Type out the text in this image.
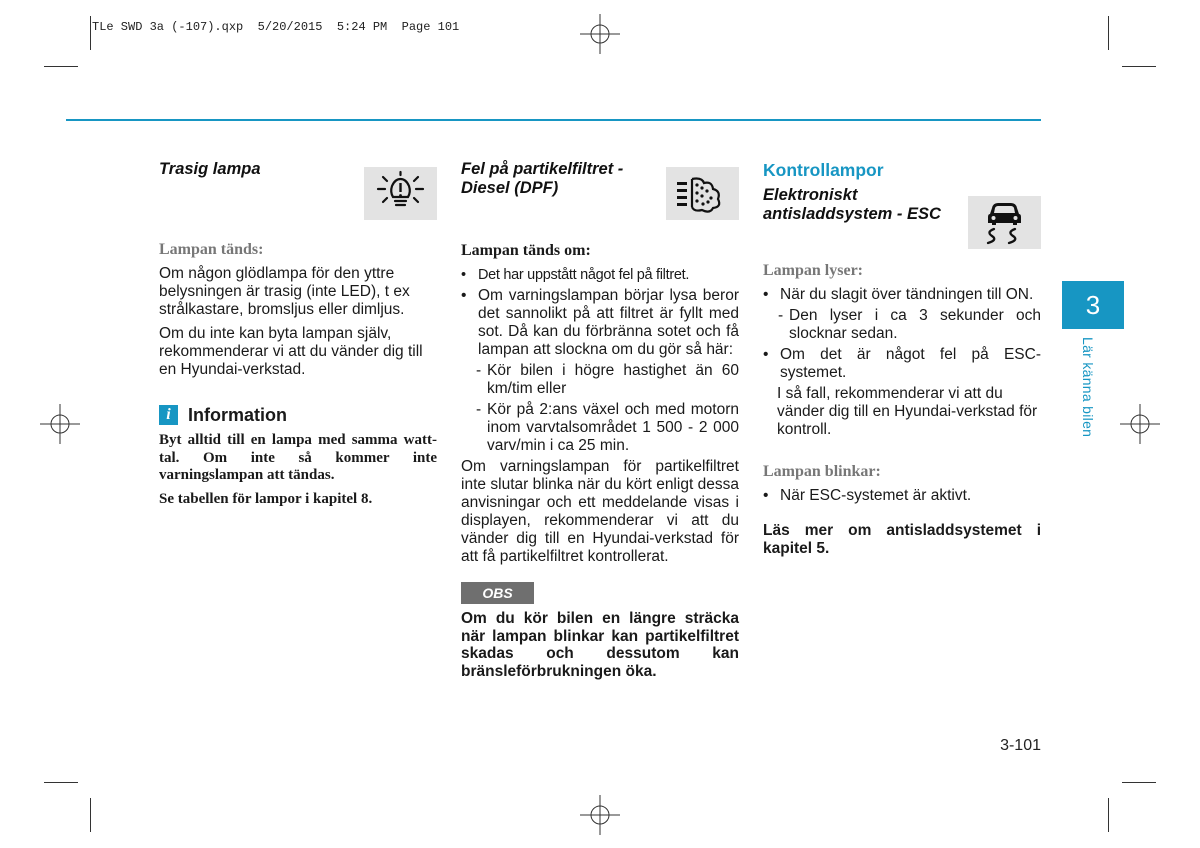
TLe SWD 3a (-107).qxp  5/20/2015  5:24 PM  Page 101

Trasig lampa

Lampan tänds:

Om någon glödlampa för den yttre belysningen är trasig (inte LED), t ex strålkastare, bromsljus eller dimljus.

Om du inte kan byta lampan själv, rekommenderar vi att du vänder dig till en Hyundai-verkstad.

i Information

Byt alltid till en lampa med samma watt-tal. Om inte så kommer inte varningslampan att tändas.

Se tabellen för lampor i kapitel 8.

Fel på partikelfiltret - Diesel (DPF)

Lampan tänds om:

• Det har uppstått något fel på filtret.
• Om varningslampan börjar lysa beror det sannolikt på att filtret är fyllt med sot. Då kan du förbränna sotet och få lampan att slockna om du gör så här:
- Kör bilen i högre hastighet än 60 km/tim eller
- Kör på 2:ans växel och med motorn inom varvtalsområdet 1 500 - 2 000 varv/min i ca 25 min.

Om varningslampan för partikelfiltret inte slutar blinka när du kört enligt dessa anvisningar och ett meddelande visas i displayen, rekommenderar vi att du vänder dig till en Hyundai-verkstad för att få partikelfiltret kontrollerat.

OBS

Om du kör bilen en längre sträcka när lampan blinkar kan partikelfiltret skadas och dessutom kan bränsleförbrukningen öka.

Kontrollampor

Elektroniskt antisladdsystem - ESC

Lampan lyser:

• När du slagit över tändningen till ON.
- Den lyser i ca 3 sekunder och slocknar sedan.
• Om det är något fel på ESC-systemet.

I så fall, rekommenderar vi att du vänder dig till en Hyundai-verkstad för kontroll.

Lampan blinkar:

• När ESC-systemet är aktivt.

Läs mer om antisladdsystemet i kapitel 5.

3
Lär känna bilen
3-101
